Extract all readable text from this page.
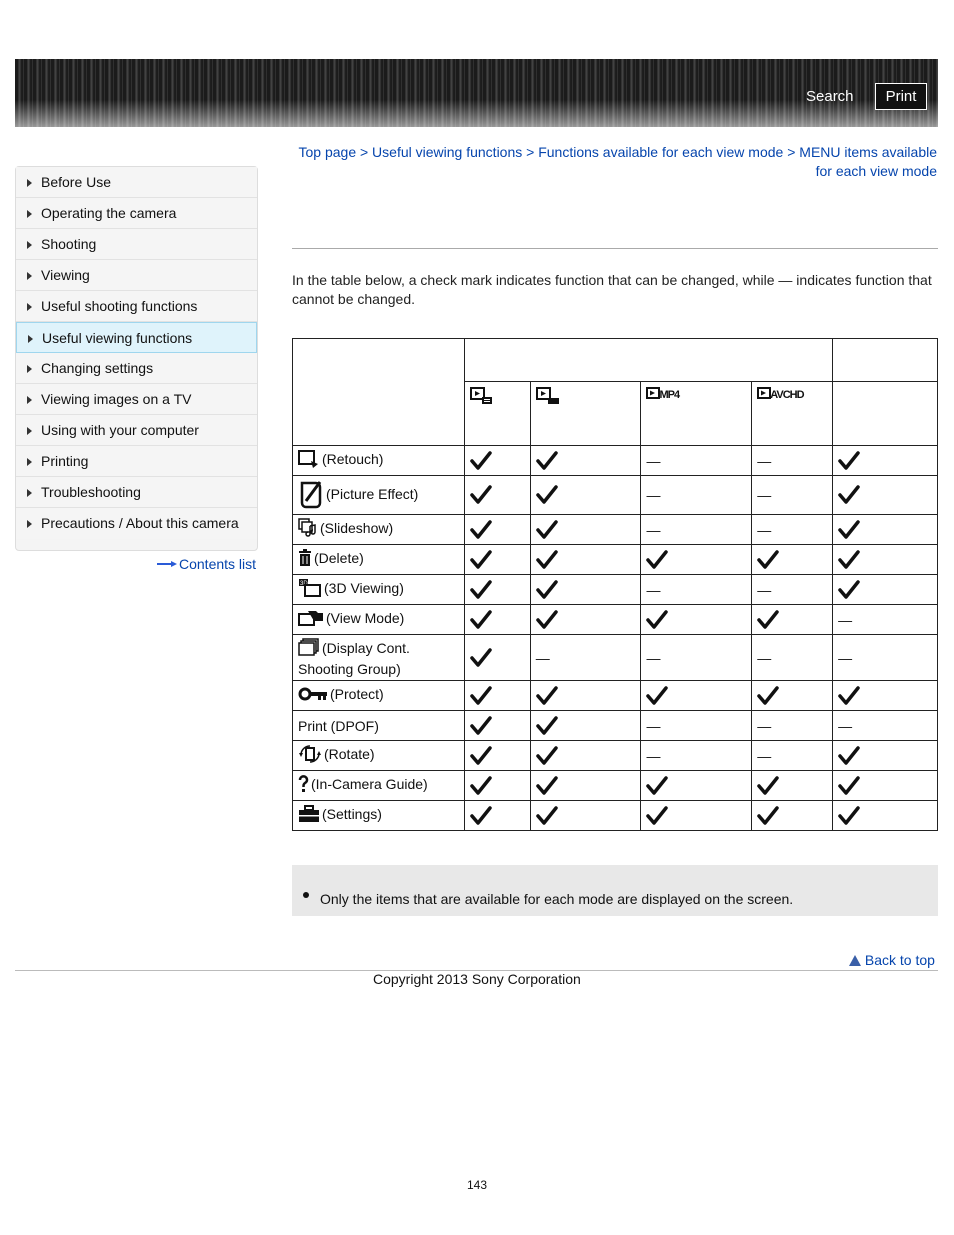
Search	Print
Before Use
Operating the camera
Shooting
Viewing
Useful shooting functions
Useful viewing functions
Changing settings
Viewing images on a TV
Using with your computer
Printing
Troubleshooting
Precautions / About this camera
Contents list
Top page > Useful viewing functions > Functions available for each view mode > MENU items available
for each view mode
In the table below, a check mark indicates function that can be changed, while — indicates function that cannot be changed.

		MP4	AVCHD	
(Retouch)			—	—	

(Picture Effect)			—	—	

(Slideshow)			—	—	

(Delete)	

3D (3D Viewing)			—	—	

(View Mode)					—
(Display Cont. Shooting Group)		—	—	—	—
(Protect)	

Print (DPOF)			—	—	—
(Rotate)			—	—	

(In-Camera Guide)	

(Settings)	

Only the items that are available for each mode are displayed on the screen.
Back to top
Copyright 2013 Sony Corporation
143
